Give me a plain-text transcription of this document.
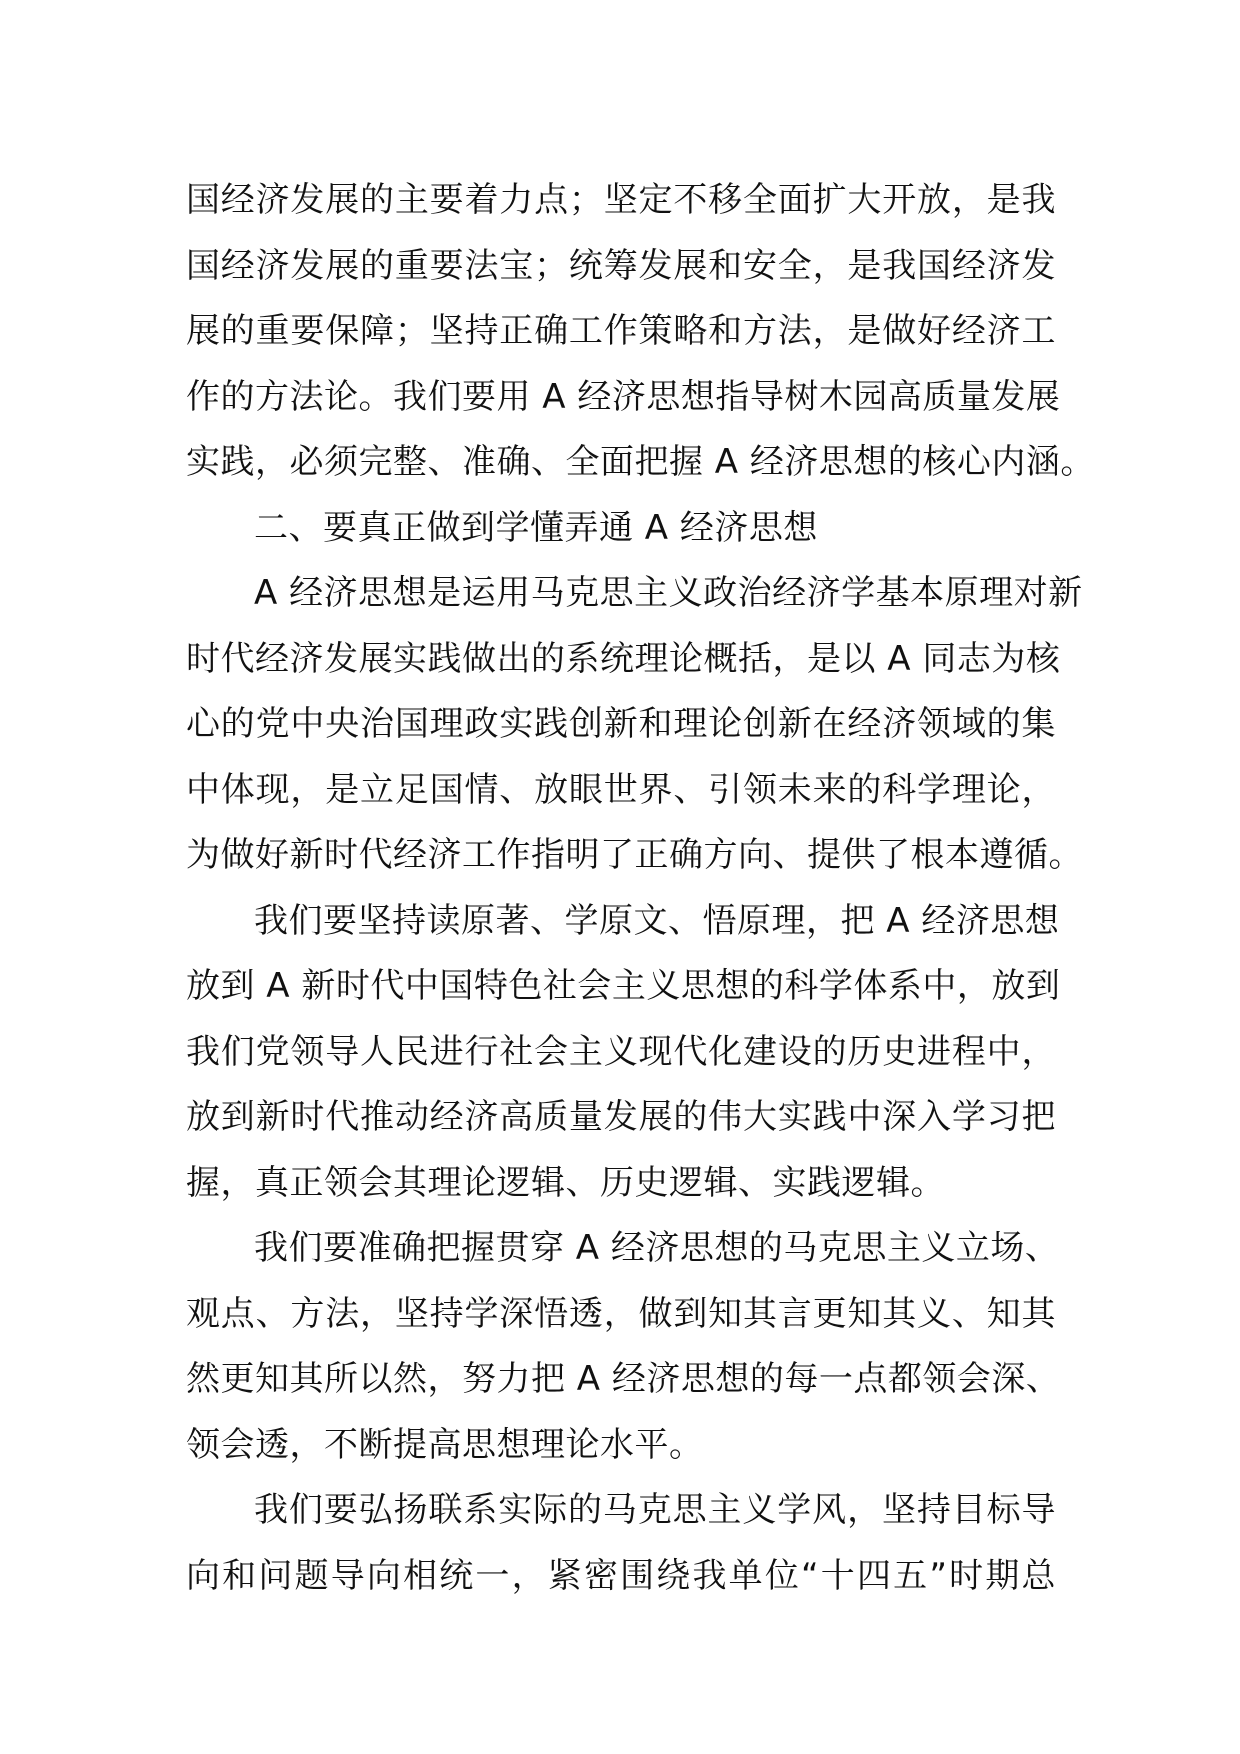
国经济发展的主要着力点；坚定不移全面扩大开放，是我
国经济发展的重要法宝；统筹发展和安全，是我国经济发
展的重要保障；坚持正确工作策略和方法，是做好经济工
作的方法论。我们要用 A 经济思想指导树木园高质量发展
实践，必须完整、准确、全面把握 A 经济思想的核心内涵。
二、要真正做到学懂弄通 A 经济思想
A 经济思想是运用马克思主义政治经济学基本原理对新
时代经济发展实践做出的系统理论概括，是以 A 同志为核
心的党中央治国理政实践创新和理论创新在经济领域的集
中体现，是立足国情、放眼世界、引领未来的科学理论，
为做好新时代经济工作指明了正确方向、提供了根本遵循。
我们要坚持读原著、学原文、悟原理，把 A 经济思想
放到 A 新时代中国特色社会主义思想的科学体系中，放到
我们党领导人民进行社会主义现代化建设的历史进程中，
放到新时代推动经济高质量发展的伟大实践中深入学习把
握，真正领会其理论逻辑、历史逻辑、实践逻辑。
我们要准确把握贯穿 A 经济思想的马克思主义立场、
观点、方法，坚持学深悟透，做到知其言更知其义、知其
然更知其所以然，努力把 A 经济思想的每一点都领会深、
领会透，不断提高思想理论水平。
我们要弘扬联系实际的马克思主义学风，坚持目标导
向和问题导向相统一，紧密围绕我单位“十四五”时期总
